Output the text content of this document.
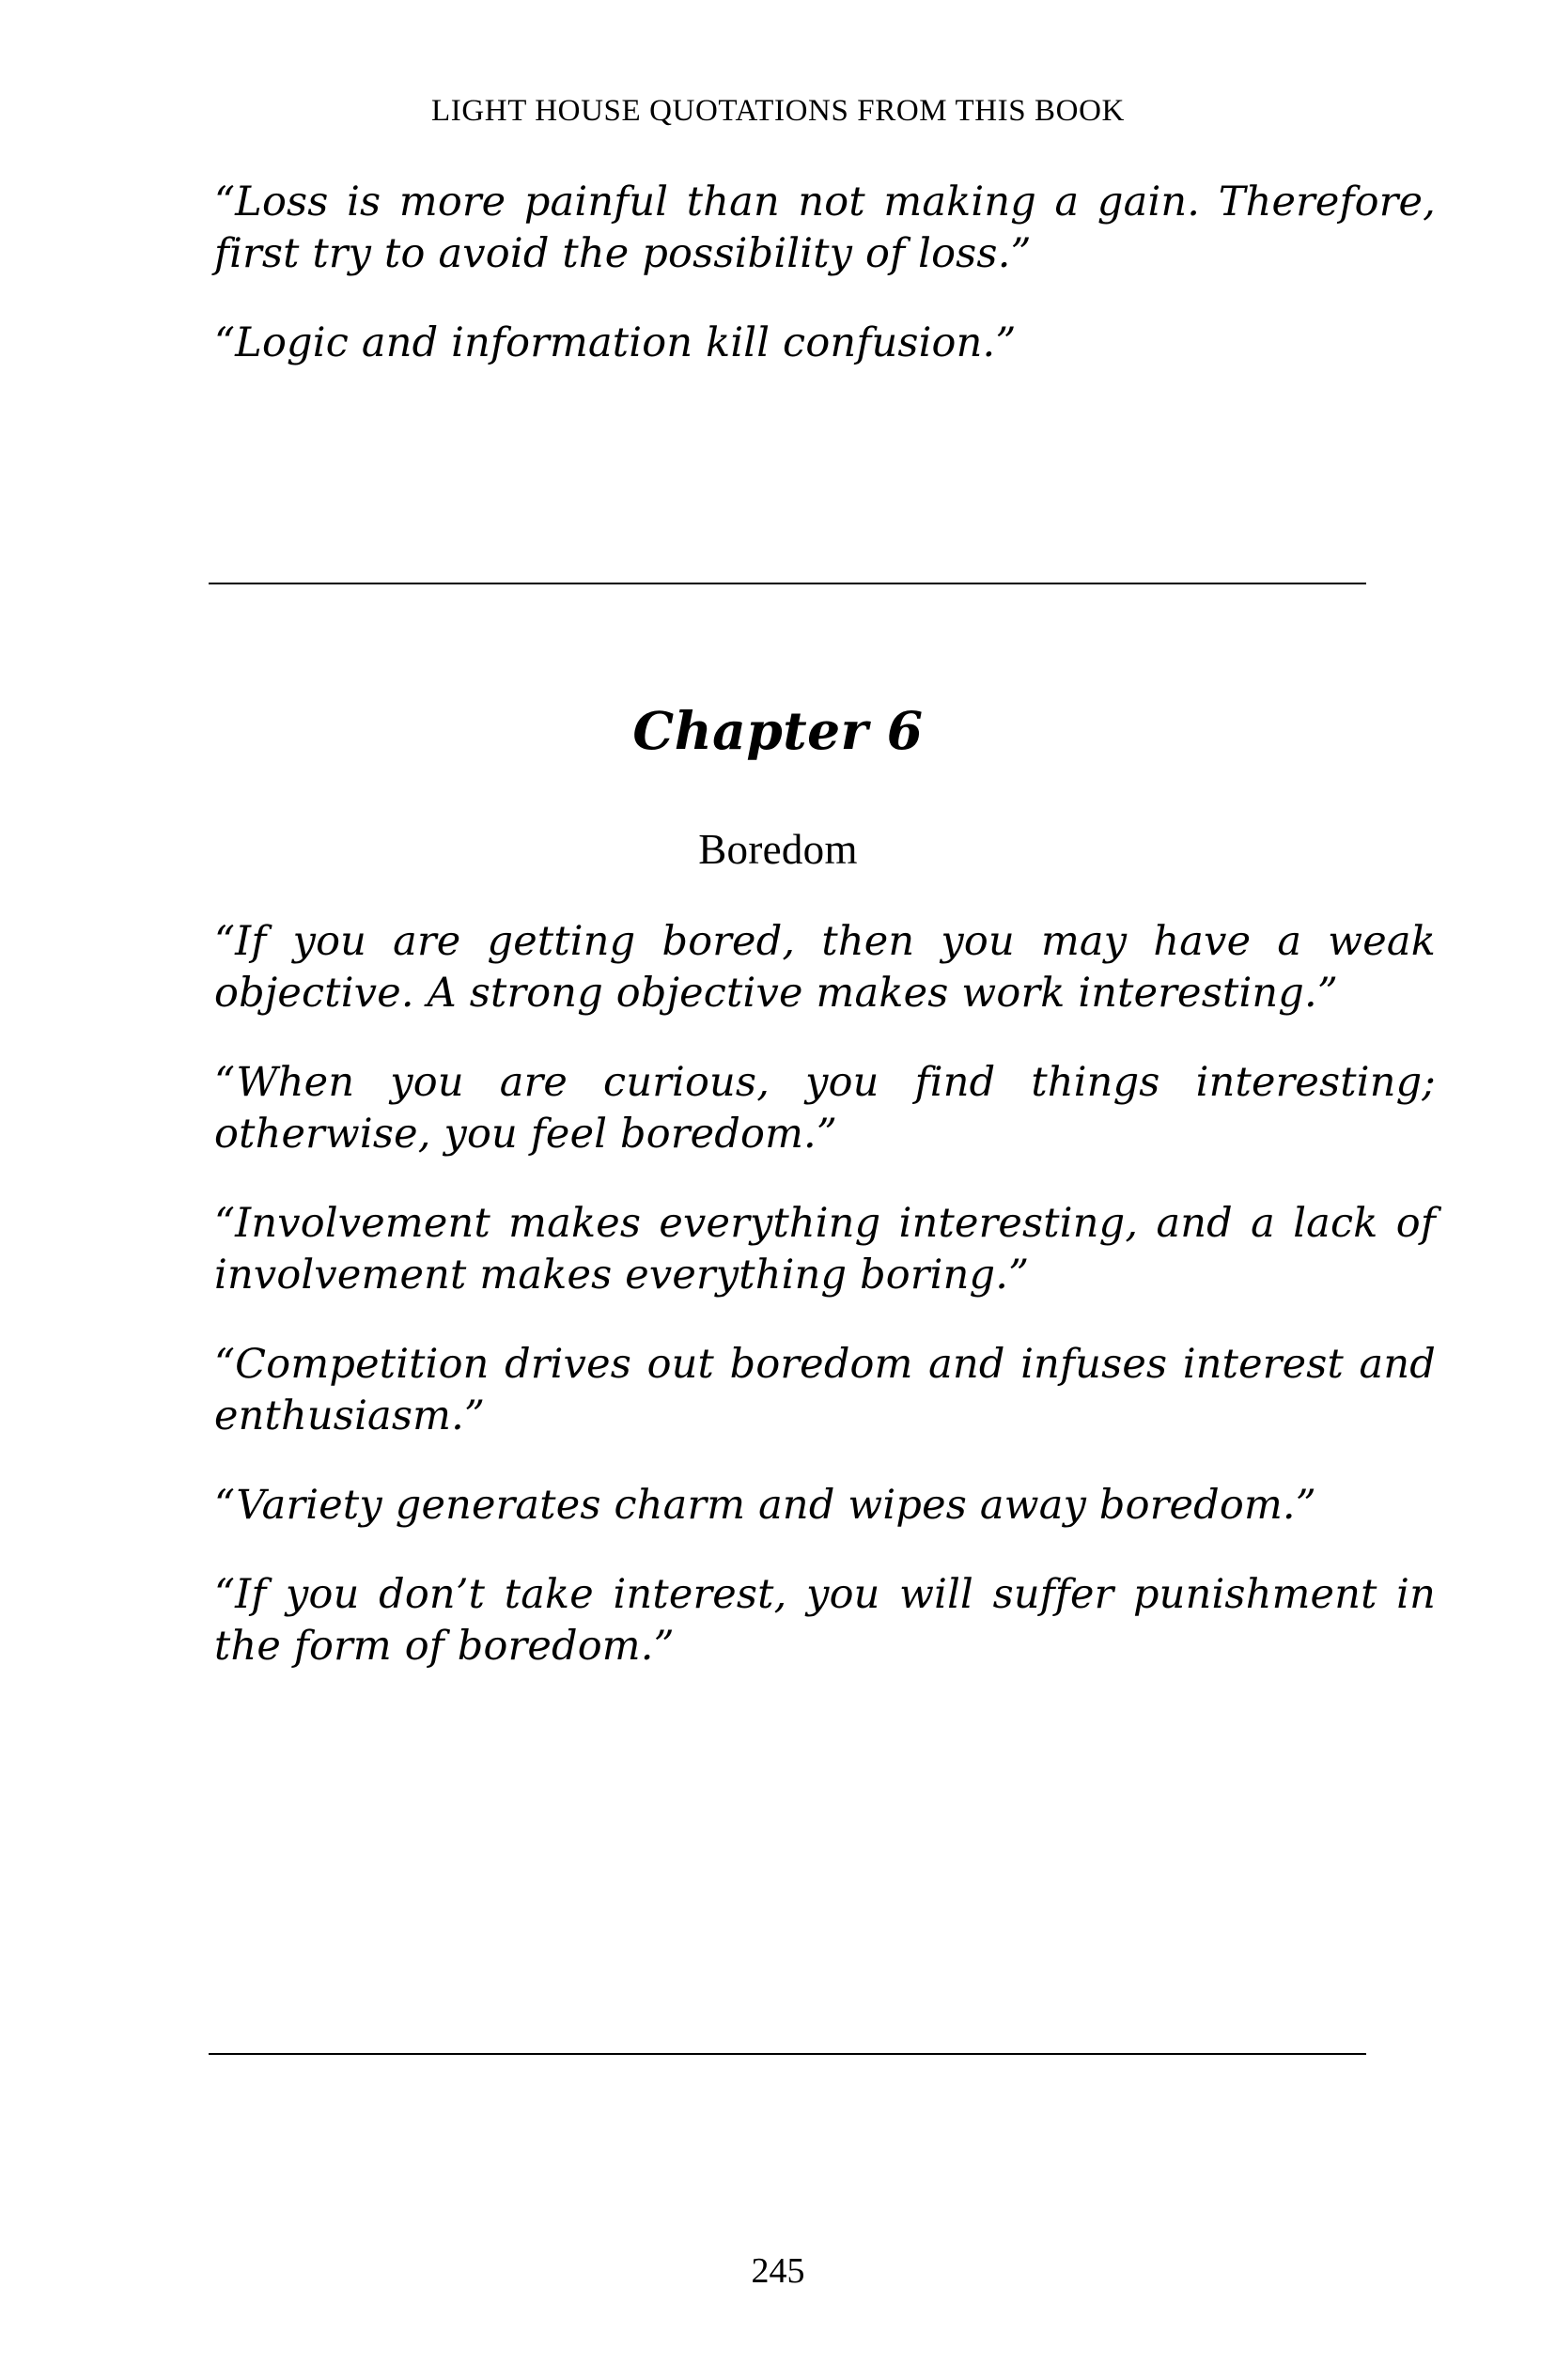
LIGHT HOUSE QUOTATIONS FROM THIS BOOK

“Loss is more painful than not making a gain. Therefore, first try to avoid the possibility of loss.”

“Logic and information kill confusion.”

Chapter 6
Boredom

“If you are getting bored, then you may have a weak objective. A strong objective makes work interesting.”

“When you are curious, you find things interesting; otherwise, you feel boredom.”

“Involvement makes everything interesting, and a lack of involvement makes everything boring.”

“Competition drives out boredom and infuses interest and enthusiasm.”

“Variety generates charm and wipes away boredom.”

“If you don’t take interest, you will suffer punishment in the form of boredom.”

245
